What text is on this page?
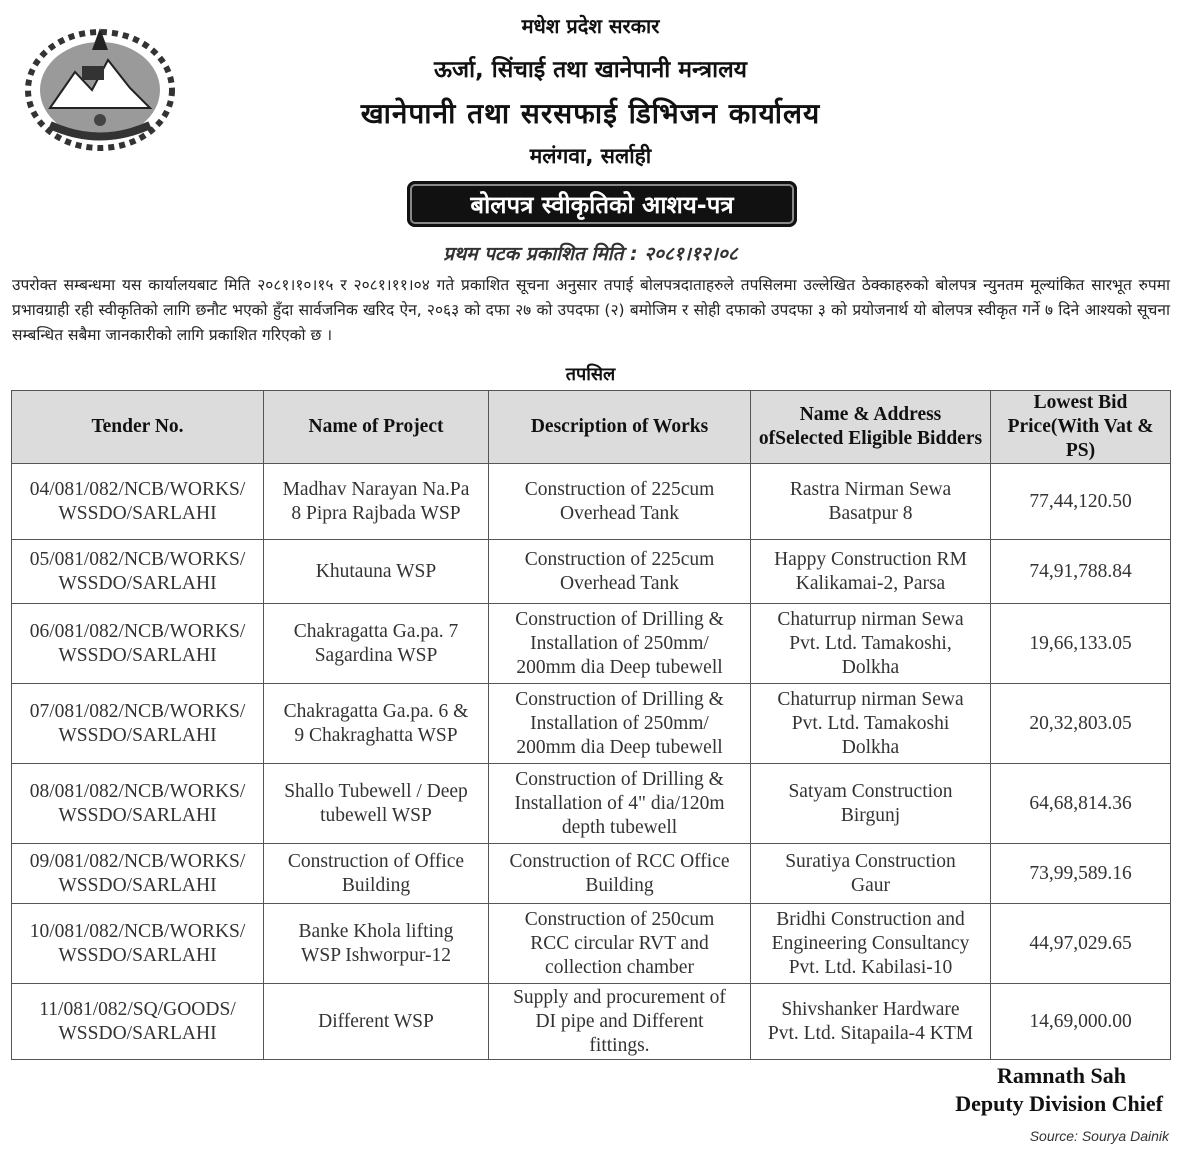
मधेश प्रदेश सरकार
ऊर्जा, सिंचाई तथा खानेपानी मन्त्रालय
खानेपानी तथा सरसफाई डिभिजन कार्यालय
मलंगवा, सर्लाही
बोलपत्र स्वीकृतिको आशय-पत्र
प्रथम पटक प्रकाशित मिति : २०८१।१२।०८
उपरोक्त सम्बन्धमा यस कार्यालयबाट मिति २०८१।१०।१५ र २०८१।११।०४ गते प्रकाशित सूचना अनुसार तपाई बोलपत्रदाताहरुले तपसिलमा उल्लेखित ठेक्काहरुको बोलपत्र न्युनतम मूल्यांकित सारभूत रुपमा प्रभावग्राही रही स्वीकृतिको लागि छनौट भएको हुँदा सार्वजनिक खरिद ऐन, २०६३ को दफा २७ को उपदफा (२) बमोजिम र सोही दफाको उपदफा ३ को प्रयोजनार्थ यो बोलपत्र स्वीकृत गर्ने ७ दिने आश्यको सूचना सम्बन्धित सबैमा जानकारीको लागि प्रकाशित गरिएको छ ।
तपसिल
Tender No.	Name of Project	Description of Works	Name & Address ofSelected Eligible Bidders	Lowest Bid Price(With Vat & PS)

04/081/082/NCB/WORKS/
WSSDO/SARLAHI	Madhav Narayan Na.Pa
8 Pipra Rajbada WSP	Construction of 225cum
Overhead Tank	Rastra Nirman Sewa
Basatpur 8	77,44,120.50

05/081/082/NCB/WORKS/
WSSDO/SARLAHI	Khutauna WSP	Construction of 225cum
Overhead Tank	Happy Construction RM
Kalikamai-2, Parsa	74,91,788.84

06/081/082/NCB/WORKS/
WSSDO/SARLAHI	Chakragatta Ga.pa. 7
Sagardina WSP	Construction of Drilling &
Installation of 250mm/
200mm dia Deep tubewell	Chaturrup nirman Sewa
Pvt. Ltd. Tamakoshi,
Dolkha	19,66,133.05

07/081/082/NCB/WORKS/
WSSDO/SARLAHI	Chakragatta Ga.pa. 6 &
9 Chakraghatta WSP	Construction of Drilling &
Installation of 250mm/
200mm dia Deep tubewell	Chaturrup nirman Sewa
Pvt. Ltd. Tamakoshi
Dolkha	20,32,803.05

08/081/082/NCB/WORKS/
WSSDO/SARLAHI	Shallo Tubewell / Deep
tubewell WSP	Construction of Drilling &
Installation of 4" dia/120m
depth tubewell	Satyam Construction
Birgunj	64,68,814.36

09/081/082/NCB/WORKS/
WSSDO/SARLAHI	Construction of Office
Building	Construction of RCC Office
Building	Suratiya Construction
Gaur	73,99,589.16

10/081/082/NCB/WORKS/
WSSDO/SARLAHI	Banke Khola lifting
WSP Ishworpur-12	Construction of 250cum
RCC circular RVT and
collection chamber	Bridhi Construction and
Engineering Consultancy
Pvt. Ltd. Kabilasi-10	44,97,029.65

11/081/082/SQ/GOODS/
WSSDO/SARLAHI	Different WSP	Supply and procurement of
DI pipe and Different
fittings.	Shivshanker Hardware
Pvt. Ltd. Sitapaila-4 KTM	14,69,000.00
Ramnath Sah
Deputy Division Chief
Source: Sourya Dainik
